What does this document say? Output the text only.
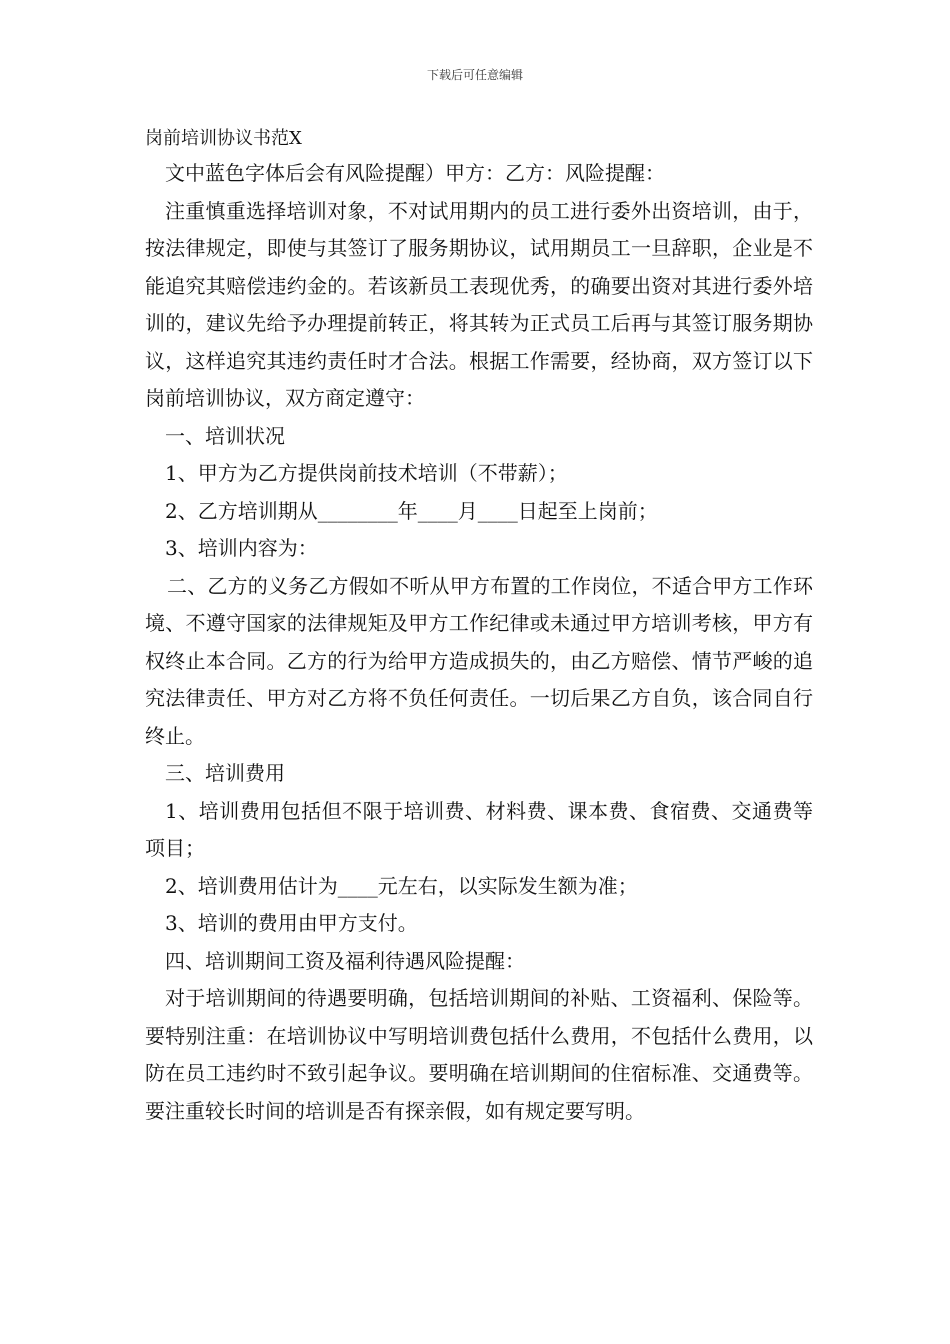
下载后可任意编辑
岗前培训协议书范X

文中蓝色字体后会有风险提醒）甲方：乙方：风险提醒：

注重慎重选择培训对象，不对试用期内的员工进行委外出资培训，由于，按法律规定，即使与其签订了服务期协议，试用期员工一旦辞职，企业是不能追究其赔偿违约金的。若该新员工表现优秀，的确要出资对其进行委外培训的，建议先给予办理提前转正，将其转为正式员工后再与其签订服务期协议，这样追究其违约责任时才合法。根据工作需要，经协商，双方签订以下岗前培训协议，双方商定遵守：

一、培训状况

1、甲方为乙方提供岗前技术培训（不带薪）；

2、乙方培训期从________年____月____日起至上岗前；

3、培训内容为：

二、乙方的义务乙方假如不听从甲方布置的工作岗位，不适合甲方工作环境、不遵守国家的法律规矩及甲方工作纪律或未通过甲方培训考核，甲方有权终止本合同。乙方的行为给甲方造成损失的，由乙方赔偿、情节严峻的追究法律责任、甲方对乙方将不负任何责任。一切后果乙方自负，该合同自行终止。

三、培训费用

1、培训费用包括但不限于培训费、材料费、课本费、食宿费、交通费等项目；

2、培训费用估计为____元左右，以实际发生额为准；

3、培训的费用由甲方支付。

四、培训期间工资及福利待遇风险提醒：

对于培训期间的待遇要明确，包括培训期间的补贴、工资福利、保险等。要特别注重：在培训协议中写明培训费包括什么费用，不包括什么费用，以防在员工违约时不致引起争议。要明确在培训期间的住宿标准、交通费等。要注重较长时间的培训是否有探亲假，如有规定要写明。
